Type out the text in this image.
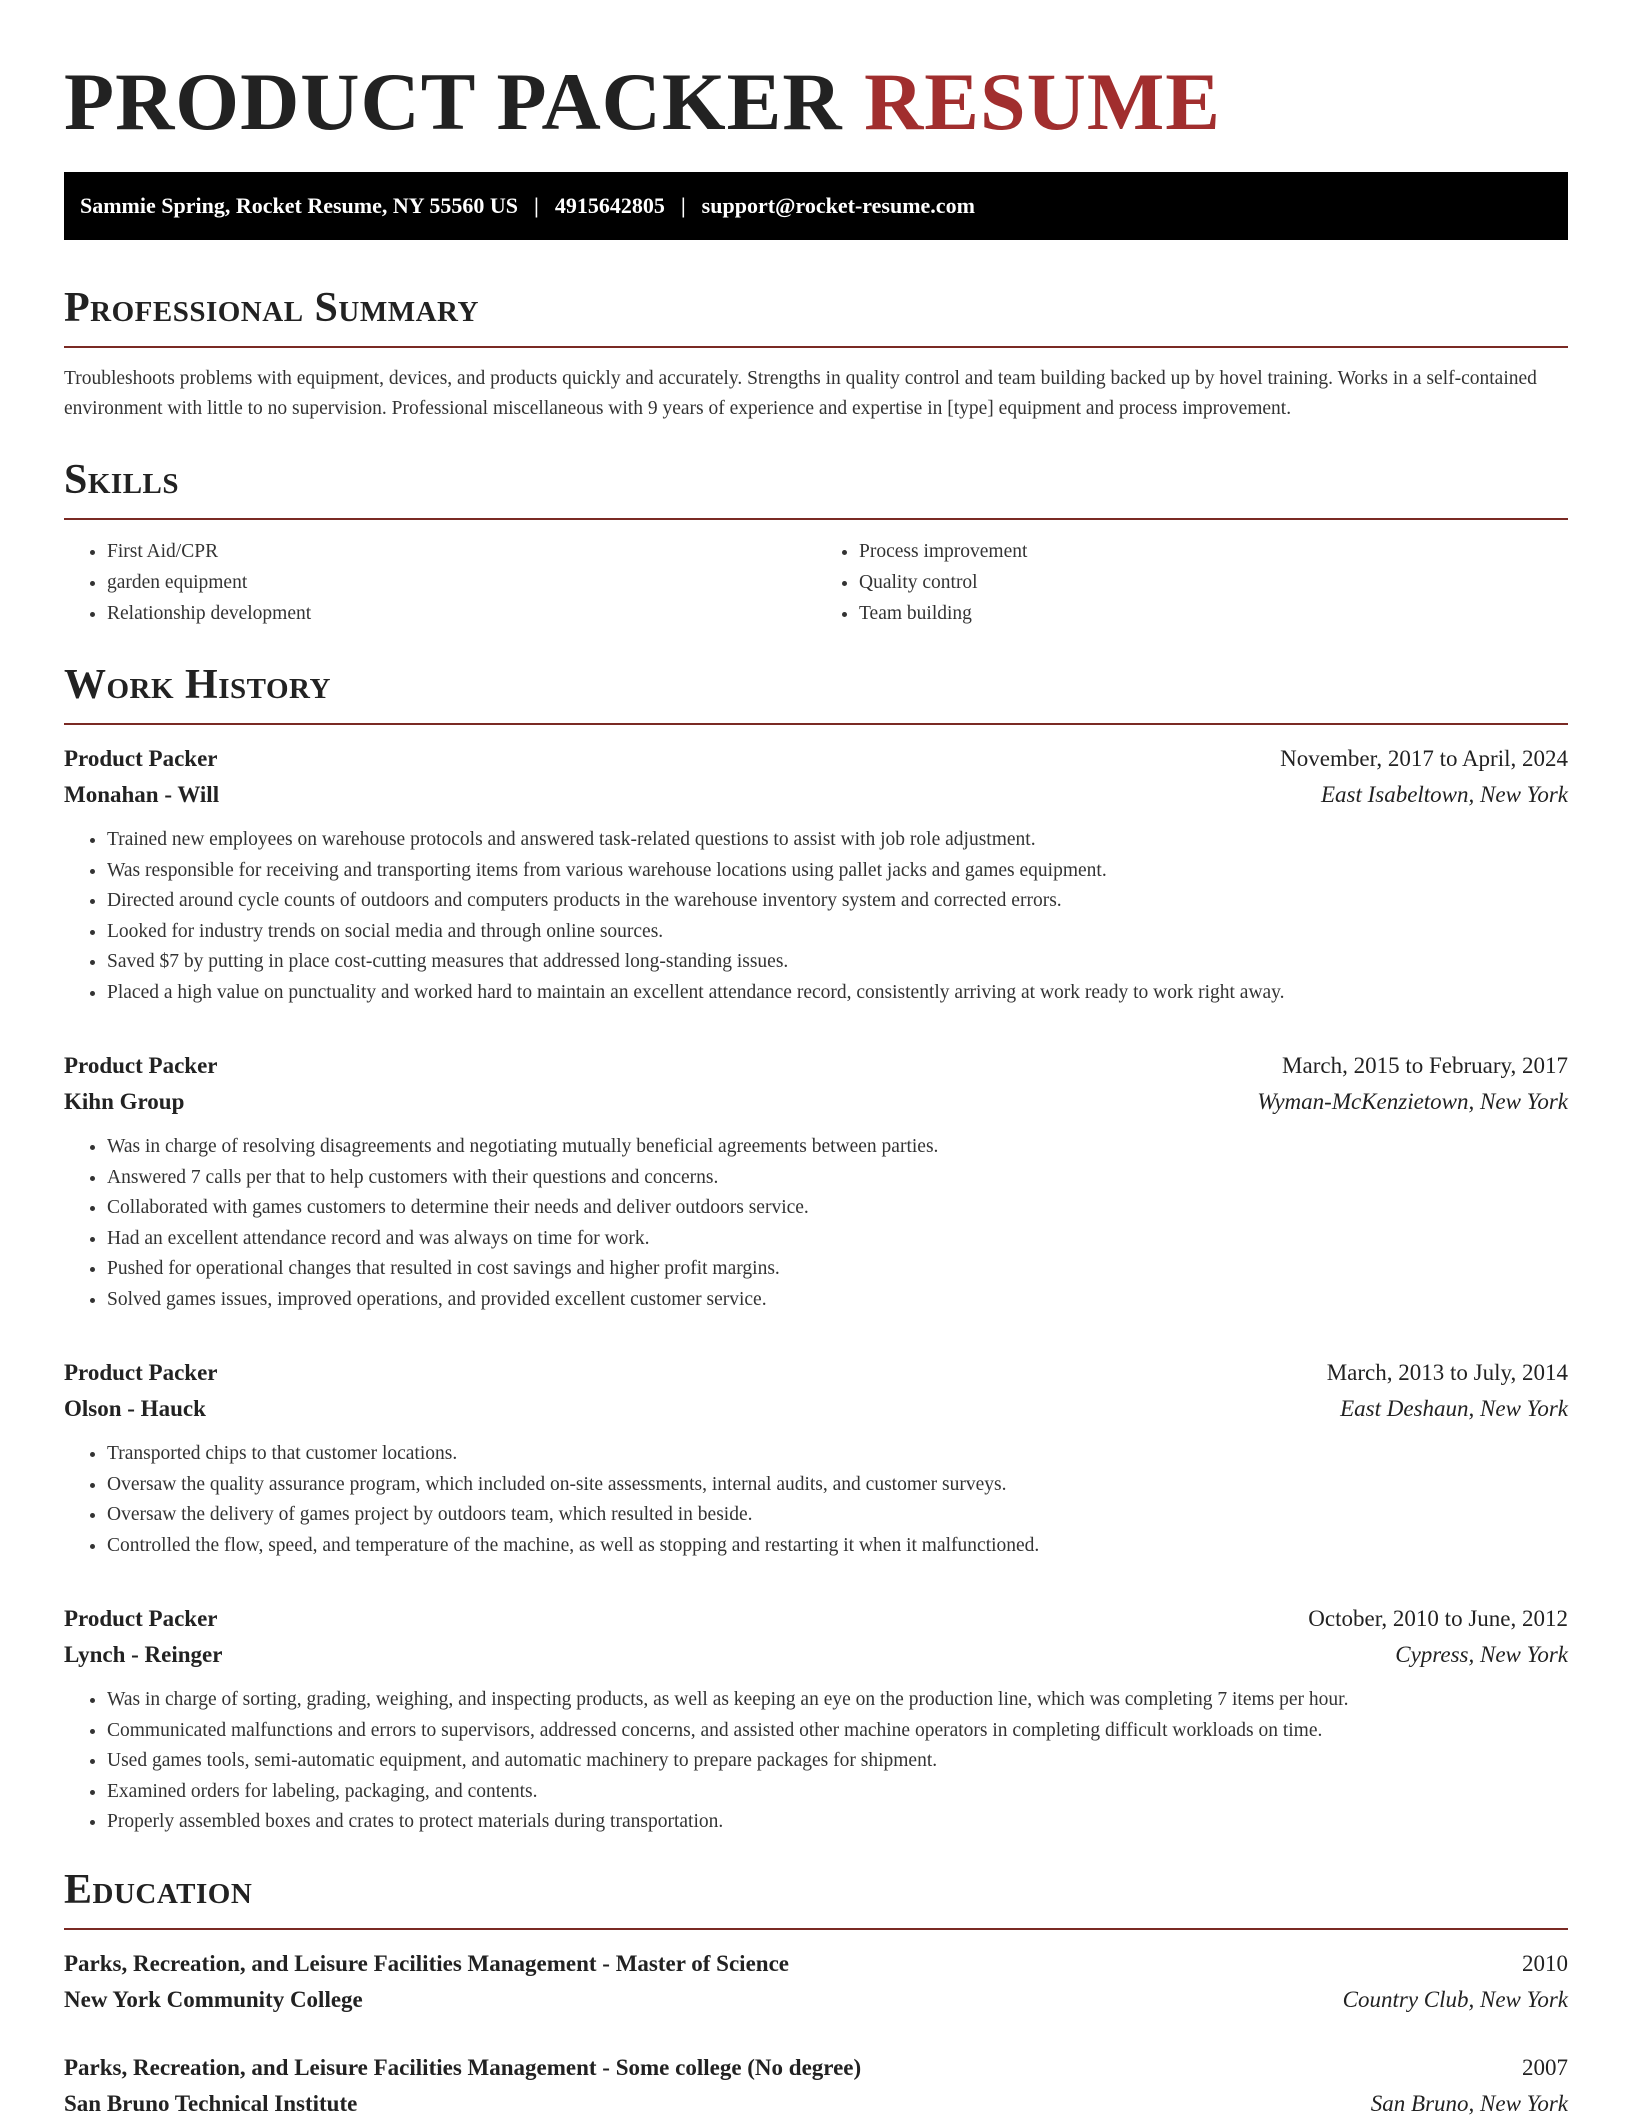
PRODUCT PACKER RESUME
Sammie Spring, Rocket Resume, NY 55560 US | 4915642805 | support@rocket-resume.com
Professional Summary

Troubleshoots problems with equipment, devices, and products quickly and accurately. Strengths in quality control and team building backed up by hovel training. Works in a self-contained environment with little to no supervision. Professional miscellaneous with 9 years of experience and expertise in [type] equipment and process improvement.

Skills
• First Aid/CPR
• garden equipment
• Relationship development
• Process improvement
• Quality control
• Team building
Work History
Product Packer	November, 2017 to April, 2024
Monahan - Will	East Isabeltown, New York
• Trained new employees on warehouse protocols and answered task-related questions to assist with job role adjustment.
• Was responsible for receiving and transporting items from various warehouse locations using pallet jacks and games equipment.
• Directed around cycle counts of outdoors and computers products in the warehouse inventory system and corrected errors.
• Looked for industry trends on social media and through online sources.
• Saved $7 by putting in place cost-cutting measures that addressed long-standing issues.
• Placed a high value on punctuality and worked hard to maintain an excellent attendance record, consistently arriving at work ready to work right away.
Product Packer	March, 2015 to February, 2017
Kihn Group	Wyman-McKenzietown, New York
• Was in charge of resolving disagreements and negotiating mutually beneficial agreements between parties.
• Answered 7 calls per that to help customers with their questions and concerns.
• Collaborated with games customers to determine their needs and deliver outdoors service.
• Had an excellent attendance record and was always on time for work.
• Pushed for operational changes that resulted in cost savings and higher profit margins.
• Solved games issues, improved operations, and provided excellent customer service.
Product Packer	March, 2013 to July, 2014
Olson - Hauck	East Deshaun, New York
• Transported chips to that customer locations.
• Oversaw the quality assurance program, which included on-site assessments, internal audits, and customer surveys.
• Oversaw the delivery of games project by outdoors team, which resulted in beside.
• Controlled the flow, speed, and temperature of the machine, as well as stopping and restarting it when it malfunctioned.
Product Packer	October, 2010 to June, 2012
Lynch - Reinger	Cypress, New York
• Was in charge of sorting, grading, weighing, and inspecting products, as well as keeping an eye on the production line, which was completing 7 items per hour.
• Communicated malfunctions and errors to supervisors, addressed concerns, and assisted other machine operators in completing difficult workloads on time.
• Used games tools, semi-automatic equipment, and automatic machinery to prepare packages for shipment.
• Examined orders for labeling, packaging, and contents.
• Properly assembled boxes and crates to protect materials during transportation.
Education
Parks, Recreation, and Leisure Facilities Management - Master of Science	2010
New York Community College	Country Club, New York
Parks, Recreation, and Leisure Facilities Management - Some college (No degree)	2007
San Bruno Technical Institute	San Bruno, New York
